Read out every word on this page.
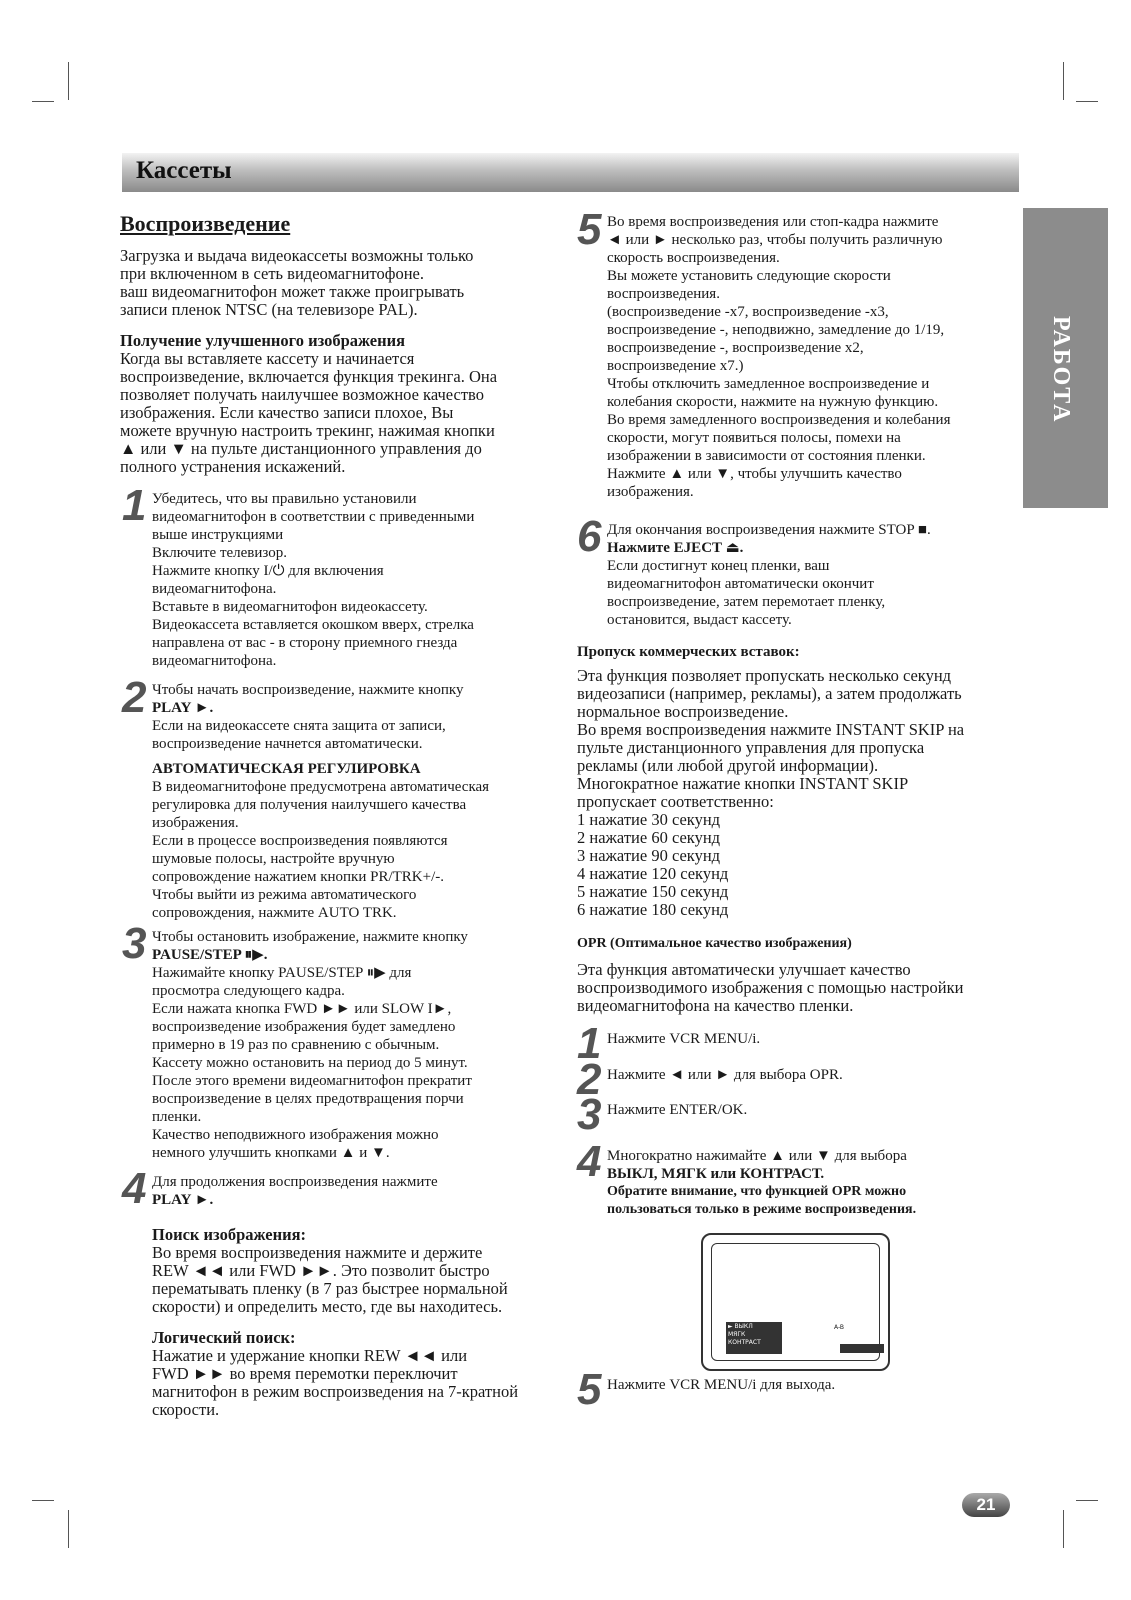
Кассеты
РАБОТА
Воспроизведение

Загрузка и выдача видеокассеты возможны только
при включенном в сеть видеомагнитофоне.
ваш видеомагнитофон может также проигрывать
записи пленок NTSC (на телевизоре PAL).

Получение улучшенного изображения

Когда вы вставляете кассету и начинается
воспроизведение, включается функция трекинга. Она
позволяет получать наилучшее возможное качество
изображения. Если качество записи плохое, Вы
можете вручную настроить трекинг, нажимая кнопки
▲ или ▼ на пульте дистанционного управления до
полного устранения искажений.

1 Убедитесь, что вы правильно установили
видеомагнитофон в соответствии с приведенными
выше инструкциями
Включите телевизор.
Нажмите кнопку I/⏻ для включения
видеомагнитофона.
Вставьте в видеомагнитофон видеокассету.
Видеокассета вставляется окошком вверх, стрелка
направлена от вас - в сторону приемного гнезда
видеомагнитофона.

2 Чтобы начать воспроизведение, нажмите кнопку
PLAY ►.

Если на видеокассете снята защита от записи,
воспроизведение начнется автоматически.

АВТОМАТИЧЕСКАЯ РЕГУЛИРОВКА

В видеомагнитофоне предусмотрена автоматическая
регулировка для получения наилучшего качества
изображения.
Если в процессе воспроизведения появляются
шумовые полосы, настройте вручную
сопровождение нажатием кнопки PR/TRK+/-.
Чтобы выйти из режима автоматического
сопровождения, нажмите AUTO TRK.

3 Чтобы остановить изображение, нажмите кнопку
PAUSE/STEP ⏸▶.

Нажимайте кнопку PAUSE/STEP ⏸▶ для
просмотра следующего кадра.
Если нажата кнопка FWD ►► или SLOW I►,
воспроизведение изображения будет замедлено
примерно в 19 раз по сравнению с обычным.
Кассету можно остановить на период до 5 минут.
После этого времени видеомагнитофон прекратит
воспроизведение в целях предотвращения порчи
пленки.
Качество неподвижного изображения можно
немного улучшить кнопками ▲ и ▼.

4 Для продолжения воспроизведения нажмите
PLAY ►.
Поиск изображения:

Во время воспроизведения нажмите и держите
REW ◄◄ или FWD ►►. Это позволит быстро
перематывать пленку (в 7 раз быстрее нормальной
скорости) и определить место, где вы находитесь.

Логический поиск:

Нажатие и удержание кнопки REW ◄◄ или
FWD ►► во время перемотки переключит
магнитофон в режим воспроизведения на 7-кратной
скорости.

5 Во время воспроизведения или стоп-кадра нажмите
◄ или ► несколько раз, чтобы получить различную
скорость воспроизведения.
Вы можете установить следующие скорости
воспроизведения.
(воспроизведение -x7, воспроизведение -x3,
воспроизведение -, неподвижно, замедление до 1/19,
воспроизведение -, воспроизведение x2,
воспроизведение x7.)
Чтобы отключить замедленное воспроизведение и
колебания скорости, нажмите на нужную функцию.
Во время замедленного воспроизведения и колебания
скорости, могут появиться полосы, помехи на
изображении в зависимости от состояния пленки.
Нажмите ▲ или ▼, чтобы улучшить качество
изображения.

6 Для окончания воспроизведения нажмите STOP ■.
Нажмите EJECT ⏏.

Если достигнут конец пленки, ваш
видеомагнитофон автоматически окончит
воспроизведение, затем перемотает пленку,
остановится, выдаст кассету.

Пропуск коммерческих вставок:

Эта функция позволяет пропускать несколько секунд
видеозаписи (например, рекламы), а затем продолжать
нормальное воспроизведение.
Во время воспроизведения нажмите INSTANT SKIP на
пульте дистанционного управления для пропуска
рекламы (или любой другой информации).
Многократное нажатие кнопки INSTANT SKIP
пропускает соответственно:
1 нажатие 30 секунд
2 нажатие 60 секунд
3 нажатие 90 секунд
4 нажатие 120 секунд
5 нажатие 150 секунд
6 нажатие 180 секунд

OPR (Оптимальное качество изображения)

Эта функция автоматически улучшает качество
воспроизводимого изображения с помощью настройки
видеомагнитофона на качество пленки.

1 Нажмите VCR MENU/i.
2 Нажмите ◄ или ► для выбора OPR.
3 Нажмите ENTER/OK.
4 Многократно нажимайте ▲ или ▼ для выбора
ВЫКЛ, МЯГК или КОНТРАСТ.

Обратите внимание, что функцией OPR можно
пользоваться только в режиме воспроизведения.

► ВЫКЛ
МЯГК
КОНТРАСТ

A-B
5 Нажмите VCR MENU/i для выхода.
21
